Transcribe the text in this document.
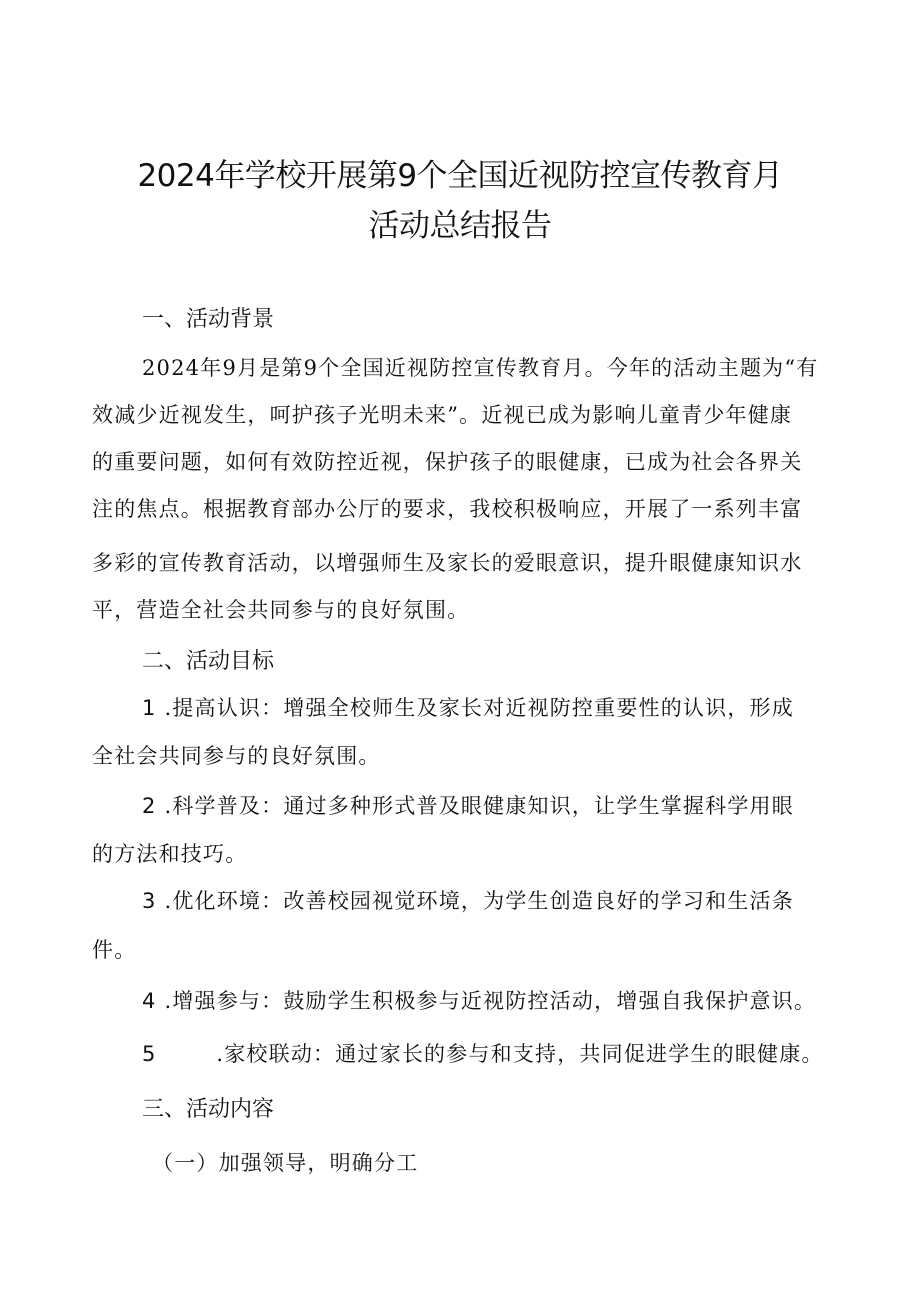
2024年学校开展第9个全国近视防控宣传教育月
活动总结报告
一、活动背景
2024年9月是第9个全国近视防控宣传教育月。今年的活动主题为“有
效减少近视发生，呵护孩子光明未来”。近视已成为影响儿童青少年健康
的重要问题，如何有效防控近视，保护孩子的眼健康，已成为社会各界关
注的焦点。根据教育部办公厅的要求，我校积极响应，开展了一系列丰富
多彩的宣传教育活动，以增强师生及家长的爱眼意识，提升眼健康知识水
平，营造全社会共同参与的良好氛围。
二、活动目标
1 .提高认识：增强全校师生及家长对近视防控重要性的认识，形成
全社会共同参与的良好氛围。
2 .科学普及：通过多种形式普及眼健康知识，让学生掌握科学用眼
的方法和技巧。
3 .优化环境：改善校园视觉环境，为学生创造良好的学习和生活条
件。
4 .增强参与：鼓励学生积极参与近视防控活动，增强自我保护意识。
5	.家校联动：通过家长的参与和支持，共同促进学生的眼健康。
三、活动内容
（一）加强领导，明确分工
